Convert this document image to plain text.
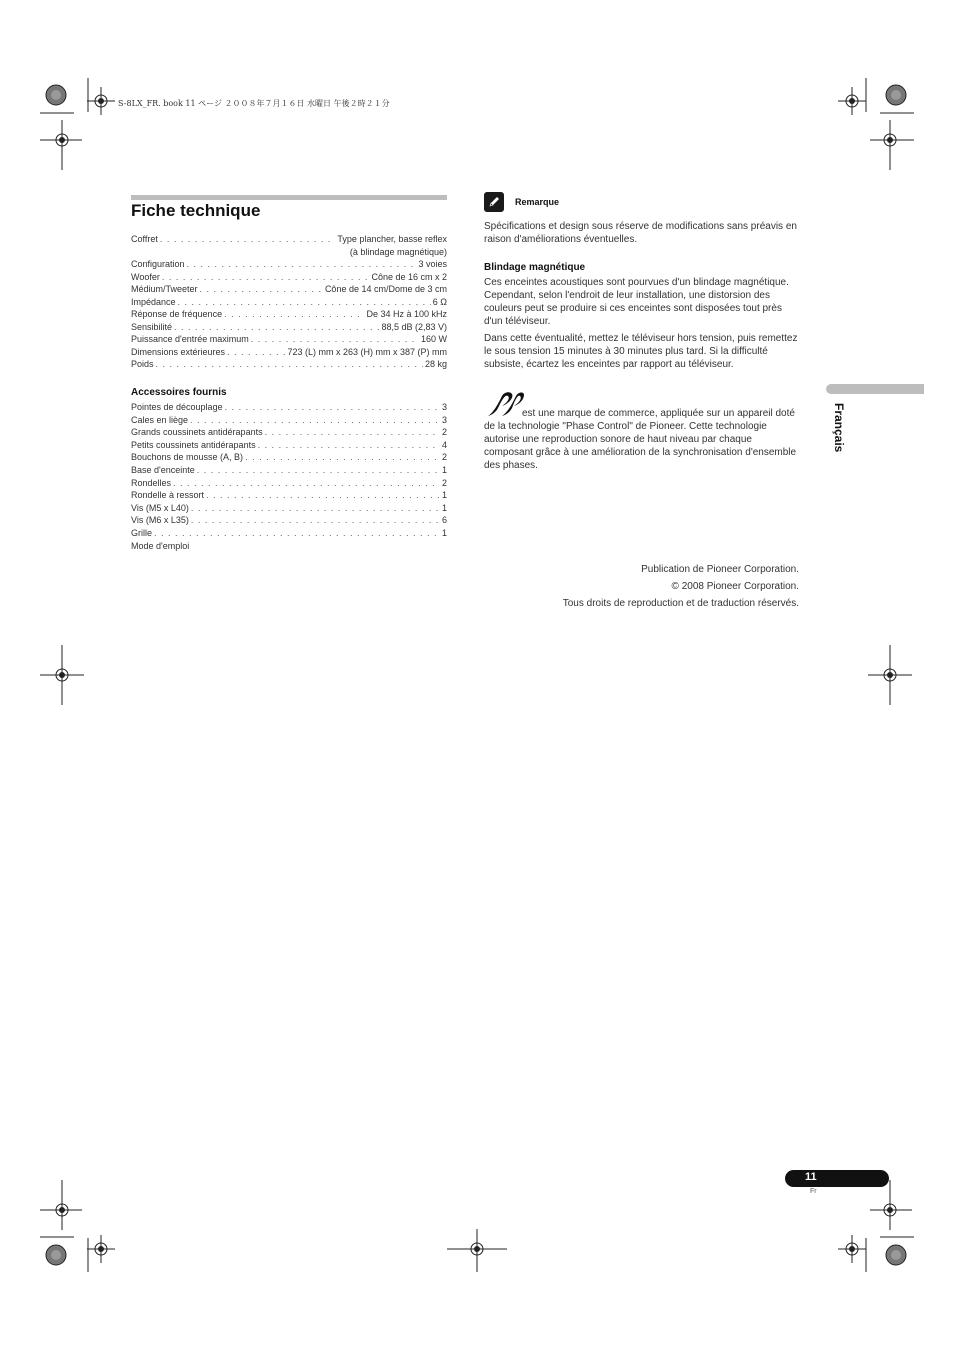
S-8LX_FR. book 11 ページ ２００８年７月１６日 水曜日 午後２時２１分
Fiche technique
Coffret . . .	Type plancher, basse reflex
(à blindage magnétique)
Configuration . . .	3 voies
Woofer . . .	Cône de 16 cm x 2
Médium/Tweeter . . .	Cône de 14 cm/Dome de 3 cm
Impédance . . .	6 Ω
Réponse de fréquence . . .	De 34 Hz à 100 kHz
Sensibilité . . .	88,5 dB (2,83 V)
Puissance d'entrée maximum . . .	160 W
Dimensions extérieures . . .	723 (L) mm x 263 (H) mm x 387 (P) mm
Poids . . .	28 kg
Accessoires fournis
Pointes de découplage . . .	3
Cales en liège . . .	3
Grands coussinets antidérapants . . .	2
Petits coussinets antidérapants . . .	4
Bouchons de mousse (A, B) . . .	2
Base d'enceinte . . .	1
Rondelles . . .	2
Rondelle à ressort . . .	1
Vis (M5 x L40) . . .	1
Vis (M6 x L35) . . .	6
Grille . . .	1
Mode d'emploi
Remarque
Spécifications et design sous réserve de modifications sans préavis en raison d'améliorations éventuelles.
Blindage magnétique
Ces enceintes acoustiques sont pourvues d'un blindage magnétique. Cependant, selon l'endroit de leur installation, une distorsion des couleurs peut se produire si ces enceintes sont disposées tout près d'un téléviseur.
Dans cette éventualité, mettez le téléviseur hors tension, puis remettez le sous tension 15 minutes à 30 minutes plus tard. Si la difficulté subsiste, écartez les enceintes par rapport au téléviseur.
est une marque de commerce, appliquée sur un appareil doté de la technologie "Phase Control" de Pioneer. Cette technologie autorise une reproduction sonore de haut niveau par chaque composant grâce à une amélioration de la synchronisation d'ensemble des phases.
Publication de Pioneer Corporation.
© 2008 Pioneer Corporation.
Tous droits de reproduction et de traduction réservés.
Français
11
Fr
